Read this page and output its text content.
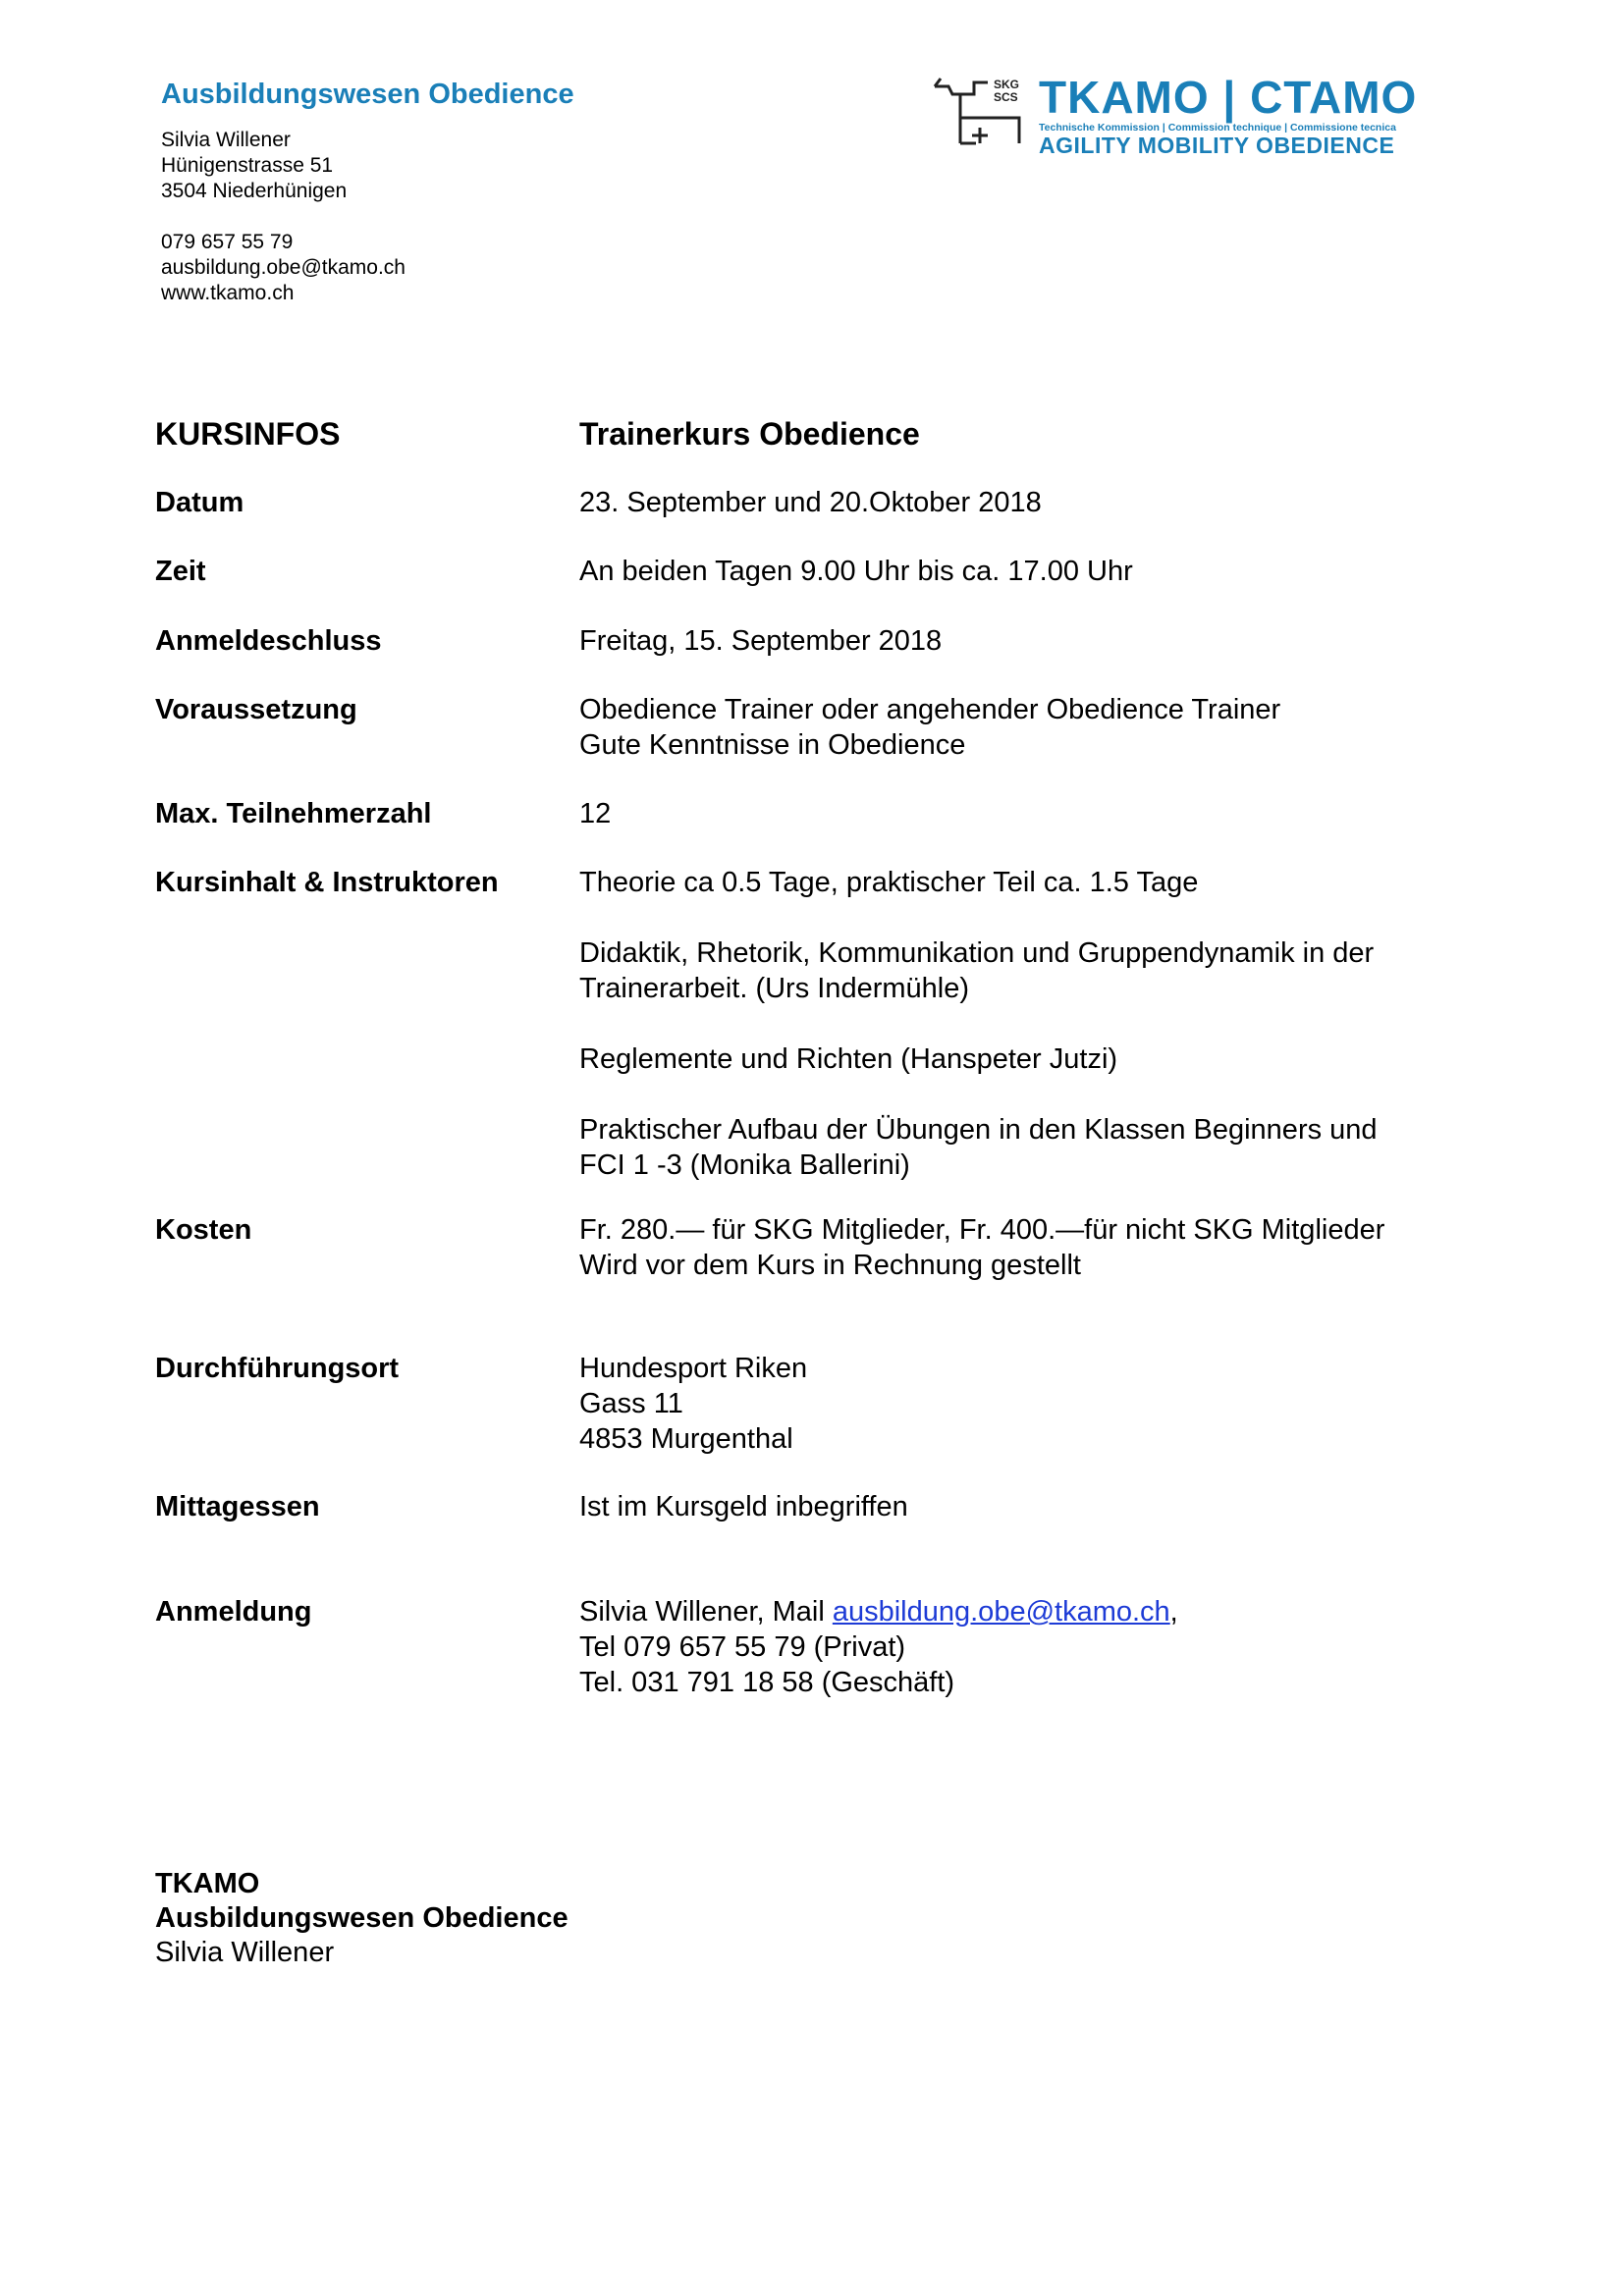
Ausbildungswesen Obedience
Silvia Willener
Hünigenstrasse 51
3504 Niederhünigen
079 657 55 79
ausbildung.obe@tkamo.ch
www.tkamo.ch
SKG
SCS TKAMO | CTAMO
Technische Kommission | Commission technique | Commissione tecnica
AGILITY MOBILITY OBEDIENCE
KURSINFOS	Trainerkurs Obedience
Datum	23. September und 20.Oktober 2018
Zeit	An beiden Tagen 9.00 Uhr bis ca. 17.00 Uhr
Anmeldeschluss	Freitag, 15. September 2018
Voraussetzung	Obedience Trainer oder angehender Obedience Trainer
Gute Kenntnisse in Obedience
Max. Teilnehmerzahl	12
Kursinhalt & Instruktoren	Theorie ca 0.5 Tage, praktischer Teil ca. 1.5 Tage
Didaktik, Rhetorik, Kommunikation und Gruppendynamik in der
Trainerarbeit. (Urs Indermühle)
Reglemente und Richten (Hanspeter Jutzi)
Praktischer Aufbau der Übungen in den Klassen Beginners und
FCI 1 -3 (Monika Ballerini)
Kosten	Fr. 280.— für SKG Mitglieder, Fr. 400.—für nicht SKG Mitglieder
Wird vor dem Kurs in Rechnung gestellt
Durchführungsort	Hundesport Riken
Gass 11
4853 Murgenthal
Mittagessen	Ist im Kursgeld inbegriffen
Anmeldung	Silvia Willener, Mail ausbildung.obe@tkamo.ch,
Tel 079 657 55 79 (Privat)
Tel. 031 791 18 58 (Geschäft)
TKAMO
Ausbildungswesen Obedience
Silvia Willener
